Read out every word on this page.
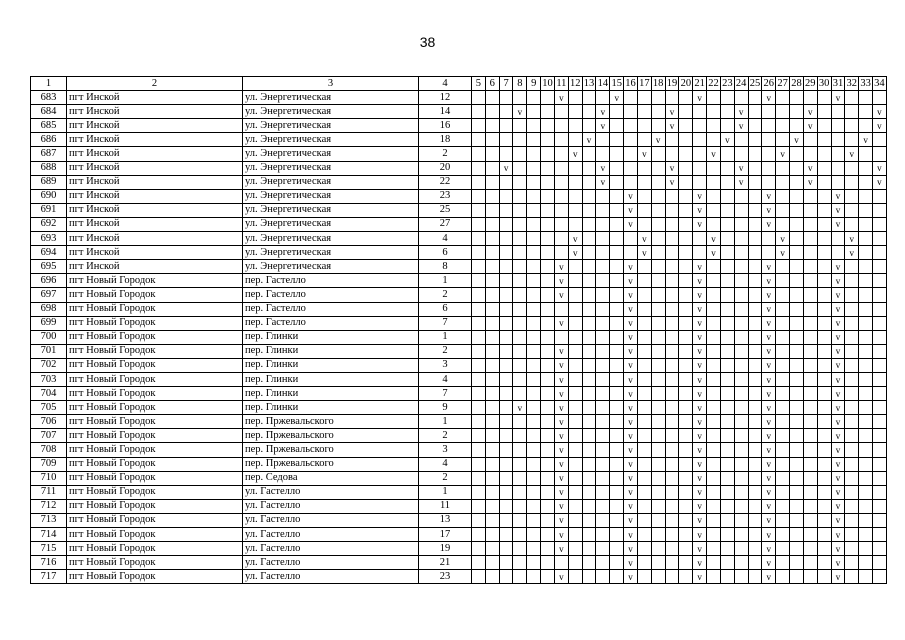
38
1	2	3	4	5	6	7	8	9	10	11	12	13	14	15	16	17	18	19	20	21	22	23	24	25	26	27	28	29	30	31	32	33	34
683	пгт Инской	ул. Энергетическая	12							v				v						v					v					v			
684	пгт Инской	ул. Энергетическая	14				v						v					v					v					v					v
685	пгт Инской	ул. Энергетическая	16										v					v					v					v					v
686	пгт Инской	ул. Энергетическая	18									v					v					v					v					v	
687	пгт Инской	ул. Энергетическая	2								v					v					v					v					v		
688	пгт Инской	ул. Энергетическая	20			v							v					v					v					v					v
689	пгт Инской	ул. Энергетическая	22										v					v					v					v					v
690	пгт Инской	ул. Энергетическая	23												v					v					v					v			
691	пгт Инской	ул. Энергетическая	25												v					v					v					v			
692	пгт Инской	ул. Энергетическая	27												v					v					v					v			
693	пгт Инской	ул. Энергетическая	4								v					v					v					v					v		
694	пгт Инской	ул. Энергетическая	6								v					v					v					v					v		
695	пгт Инской	ул. Энергетическая	8							v					v					v					v					v			
696	пгт Новый Городок	пер. Гастелло	1							v					v					v					v					v			
697	пгт Новый Городок	пер. Гастелло	2							v					v					v					v					v			
698	пгт Новый Городок	пер. Гастелло	6												v					v					v					v			
699	пгт Новый Городок	пер. Гастелло	7							v					v					v					v					v			
700	пгт Новый Городок	пер. Глинки	1												v					v					v					v			
701	пгт Новый Городок	пер. Глинки	2							v					v					v					v					v			
702	пгт Новый Городок	пер. Глинки	3							v					v					v					v					v			
703	пгт Новый Городок	пер. Глинки	4							v					v					v					v					v			
704	пгт Новый Городок	пер. Глинки	7							v					v					v					v					v			
705	пгт Новый Городок	пер. Глинки	9				v			v					v					v					v					v			
706	пгт Новый Городок	пер. Пржевальского	1							v					v					v					v					v			
707	пгт Новый Городок	пер. Пржевальского	2							v					v					v					v					v			
708	пгт Новый Городок	пер. Пржевальского	3							v					v					v					v					v			
709	пгт Новый Городок	пер. Пржевальского	4							v					v					v					v					v			
710	пгт Новый Городок	пер. Седова	2							v					v					v					v					v			
711	пгт Новый Городок	ул. Гастелло	1							v					v					v					v					v			
712	пгт Новый Городок	ул. Гастелло	11							v					v					v					v					v			
713	пгт Новый Городок	ул. Гастелло	13							v					v					v					v					v			
714	пгт Новый Городок	ул. Гастелло	17							v					v					v					v					v			
715	пгт Новый Городок	ул. Гастелло	19							v					v					v					v					v			
716	пгт Новый Городок	ул. Гастелло	21												v					v					v					v			
717	пгт Новый Городок	ул. Гастелло	23							v					v					v					v					v			
